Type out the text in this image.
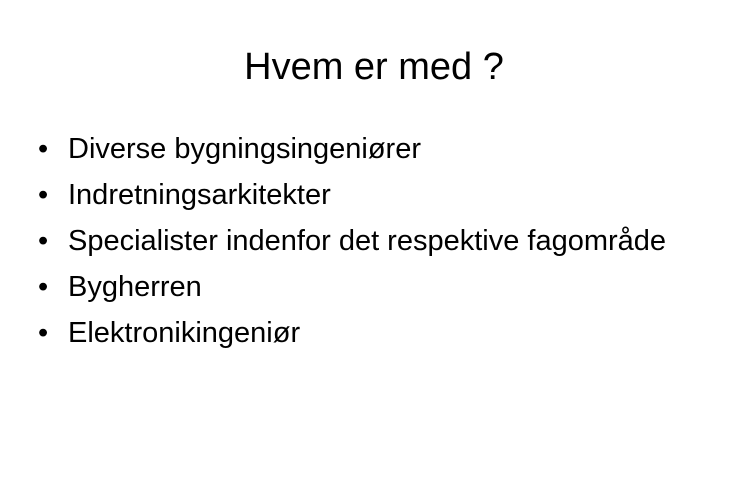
Hvem er med ?
• Diverse bygningsingeniører
• Indretningsarkitekter
• Specialister indenfor det respektive fagområde
• Bygherren
• Elektronikingeniør
